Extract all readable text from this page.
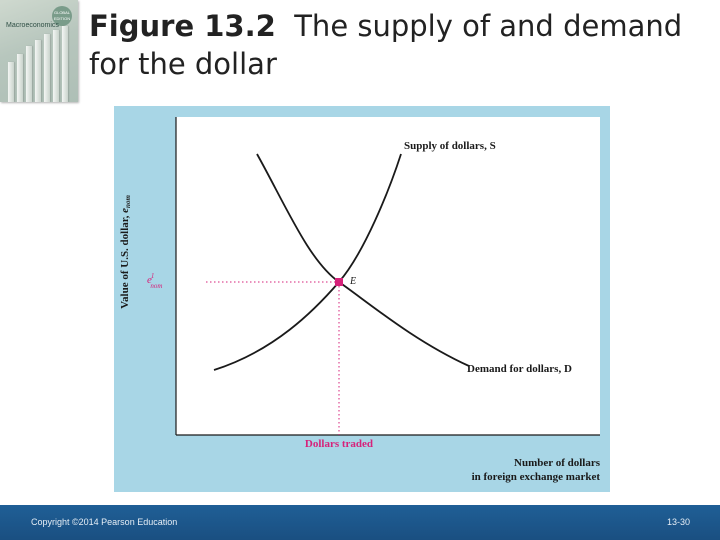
GLOBAL EDITION
Macroeconomics Figure 13.2 The supply of and demand for the dollar
Value of U.S. dollar, enom
e1 nom	E
Supply of dollars, S
Demand for dollars, D
Dollars traded
Number of dollars
in foreign exchange market
Copyright ©2014 Pearson Education	13-30
